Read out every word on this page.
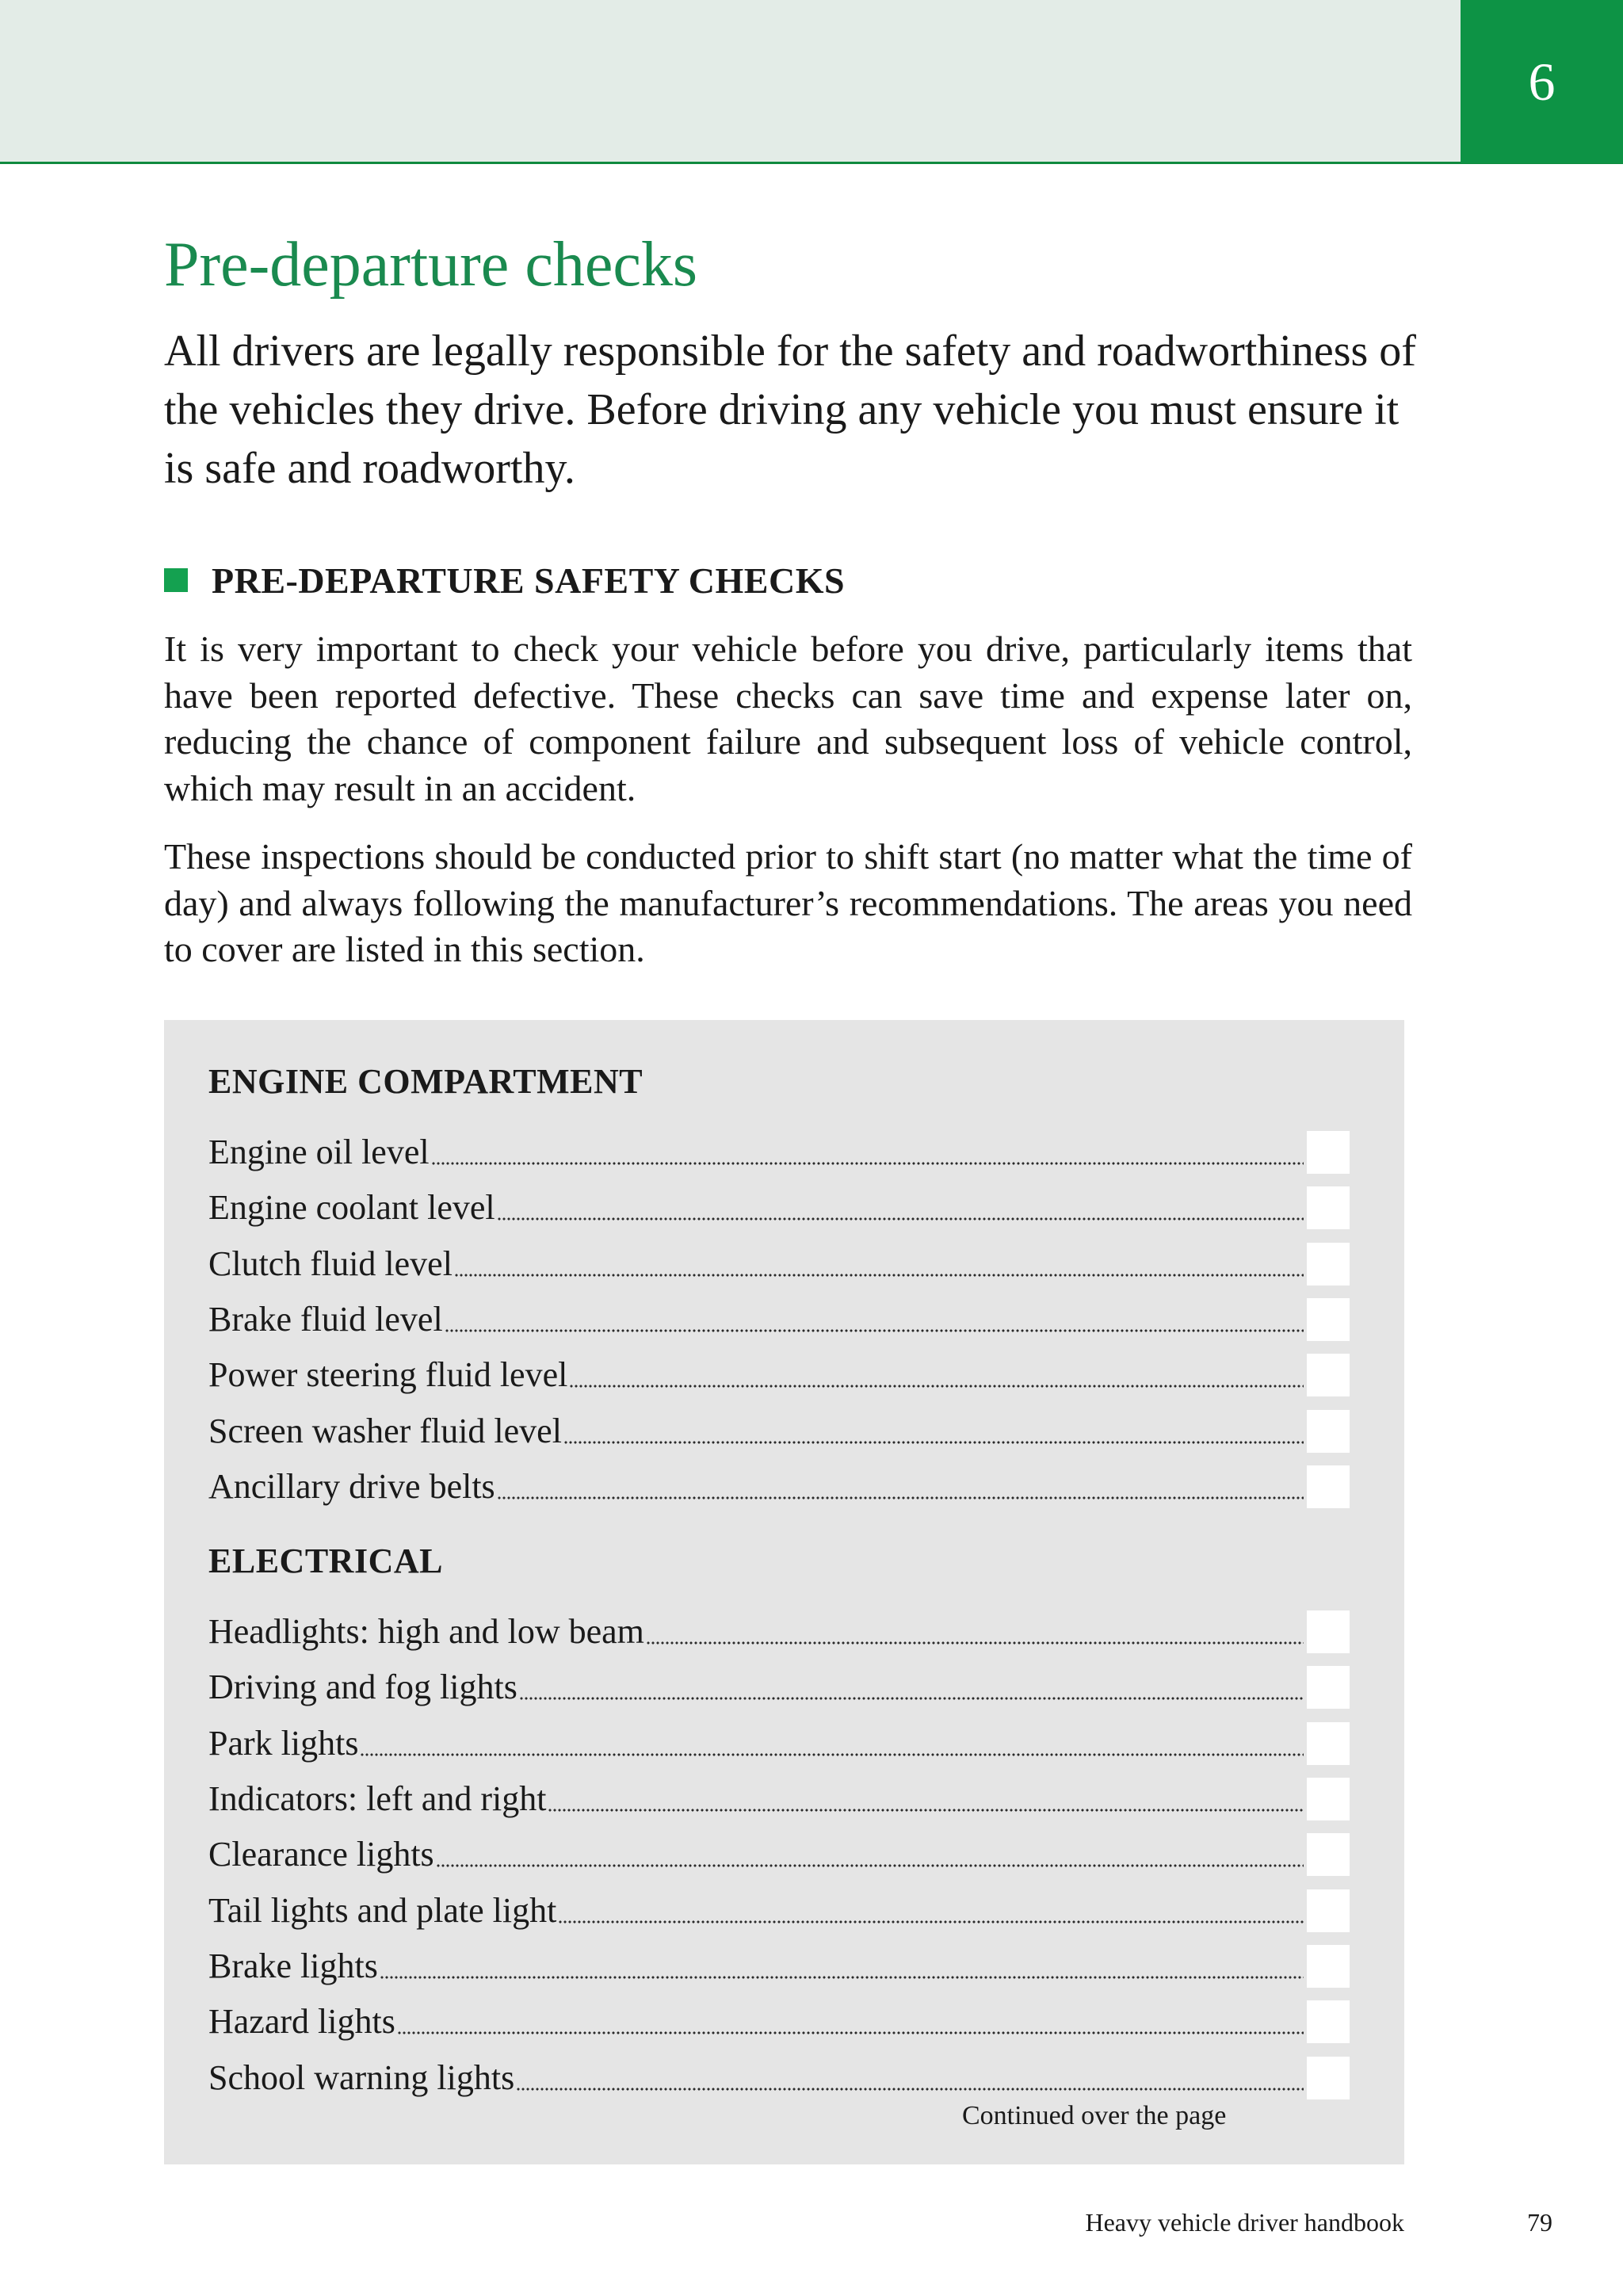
6
Pre-departure checks

All drivers are legally responsible for the safety and roadworthiness of the vehicles they drive. Before driving any vehicle you must ensure it is safe and roadworthy.

PRE-DEPARTURE SAFETY CHECKS

It is very important to check your vehicle before you drive, particularly items that have been reported defective. These checks can save time and expense later on, reducing the chance of component failure and subsequent loss of vehicle control, which may result in an accident.

These inspections should be conducted prior to shift start (no matter what the time of day) and always following the manufacturer’s recommendations. The areas you need to cover are listed in this section.

ENGINE COMPARTMENT
Engine oil level
Engine coolant level
Clutch fluid level
Brake fluid level
Power steering fluid level
Screen washer fluid level
Ancillary drive belts
ELECTRICAL
Headlights: high and low beam
Driving and fog lights
Park lights
Indicators: left and right
Clearance lights
Tail lights and plate light
Brake lights
Hazard lights
School warning lights
Continued over the page
Heavy vehicle driver handbook	79
